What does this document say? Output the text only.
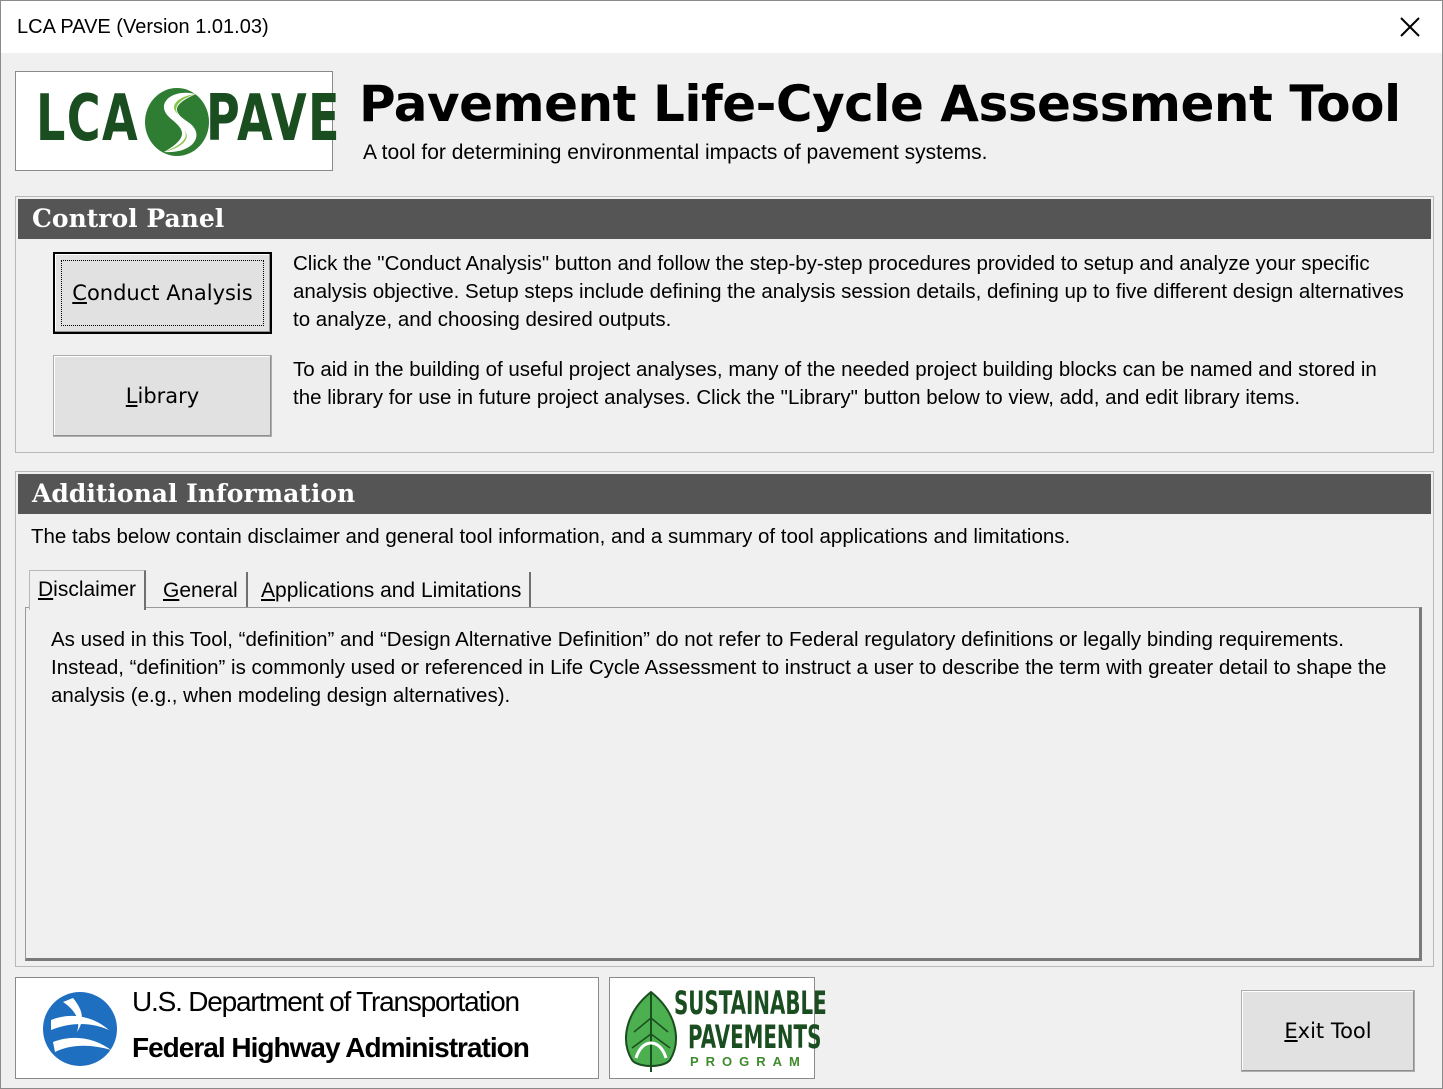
LCA PAVE (Version 1.01.03)
LCA PAVE Pavement Life-Cycle Assessment Tool
A tool for determining environmental impacts of pavement systems.
Control Panel
Conduct Analysis
Click the "Conduct Analysis" button and follow the step-by-step procedures provided to setup and analyze your specific analysis objective. Setup steps include defining the analysis session details, defining up to five different design alternatives to analyze, and choosing desired outputs.
Library
To aid in the building of useful project analyses, many of the needed project building blocks can be named and stored in the library for use in future project analyses. Click the "Library" button below to view, add, and edit library items.
Additional Information
The tabs below contain disclaimer and general tool information, and a summary of tool applications and limitations.
Disclaimer	General	Applications and Limitations
As used in this Tool, “definition” and “Design Alternative Definition” do not refer to Federal regulatory definitions or legally binding requirements. Instead, “definition” is commonly used or referenced in Life Cycle Assessment to instruct a user to describe the term with greater detail to shape the analysis (e.g., when modeling design alternatives).
U.S. Department of Transportation
Federal Highway Administration
SUSTAINABLE
PAVEMENTS
PROGRAM
Exit Tool
